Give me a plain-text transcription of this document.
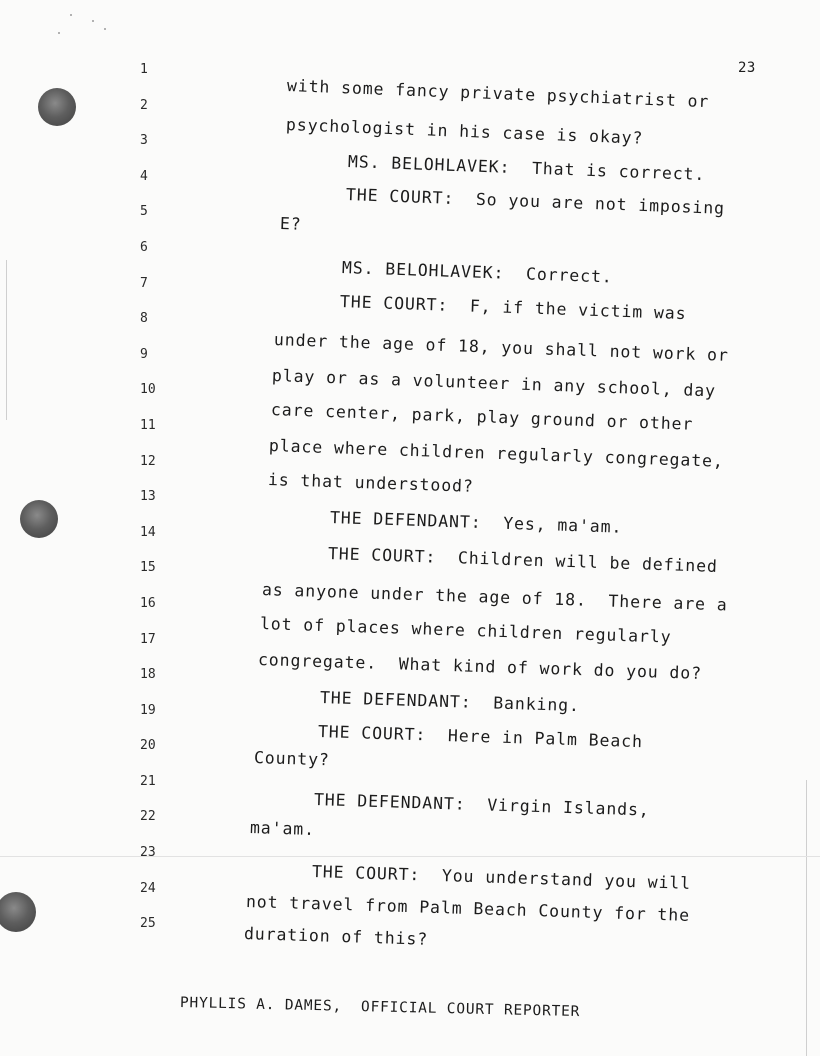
23
1
2
3
4
5
6
7
8
9
10
11
12
13
14
15
16
17
18
19
20
21
22
23
24
25
with some fancy private psychiatrist or
psychologist in his case is okay?
MS. BELOHLAVEK:  That is correct.
THE COURT:  So you are not imposing
E?
MS. BELOHLAVEK:  Correct.
THE COURT:  F, if the victim was
under the age of 18, you shall not work or
play or as a volunteer in any school, day
care center, park, play ground or other
place where children regularly congregate,
is that understood?
THE DEFENDANT:  Yes, ma'am.
THE COURT:  Children will be defined
as anyone under the age of 18.  There are a
lot of places where children regularly
congregate.  What kind of work do you do?
THE DEFENDANT:  Banking.
THE COURT:  Here in Palm Beach
County?
THE DEFENDANT:  Virgin Islands,
ma'am.
THE COURT:  You understand you will
not travel from Palm Beach County for the
duration of this?
PHYLLIS A. DAMES,  OFFICIAL COURT REPORTER
